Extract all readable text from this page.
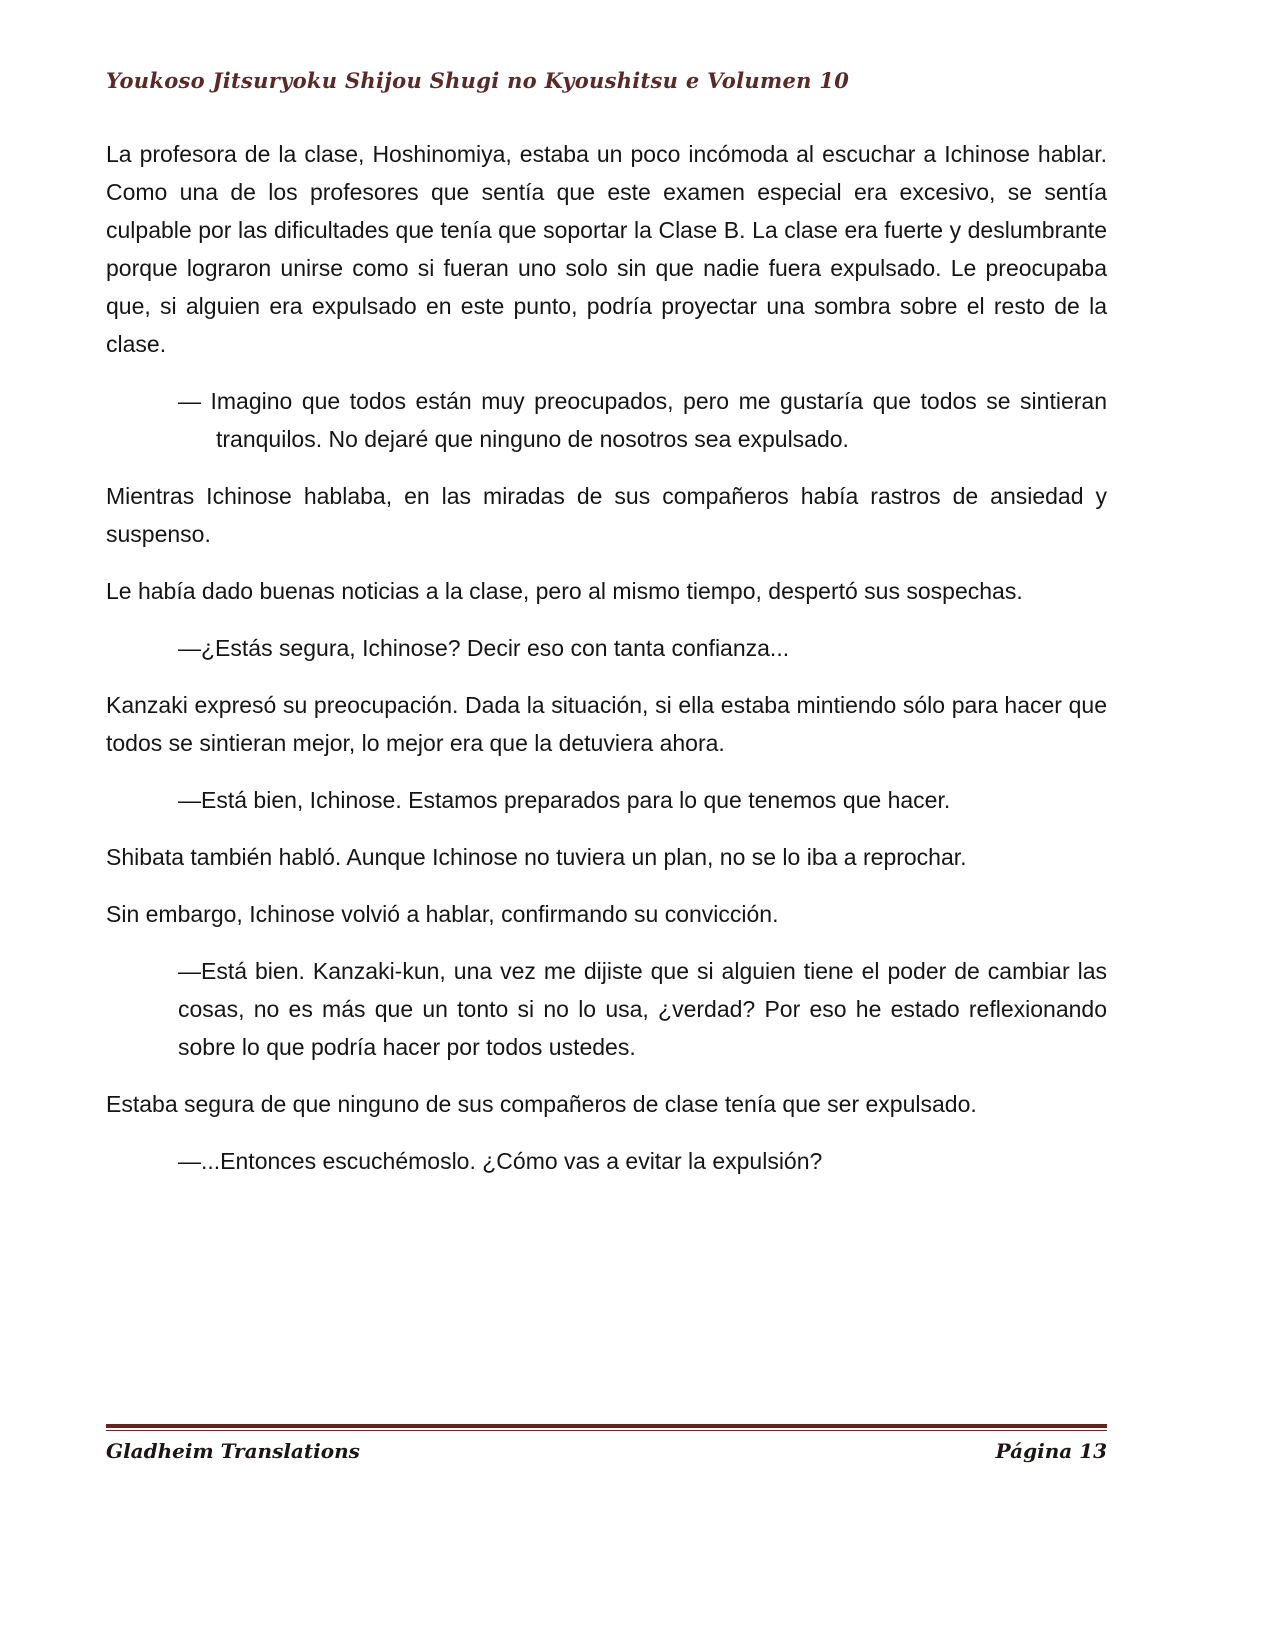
Youkoso Jitsuryoku Shijou Shugi no Kyoushitsu e Volumen 10

La profesora de la clase, Hoshinomiya, estaba un poco incómoda al escuchar a Ichinose hablar. Como una de los profesores que sentía que este examen especial era excesivo, se sentía culpable por las dificultades que tenía que soportar la Clase B. La clase era fuerte y deslumbrante porque lograron unirse como si fueran uno solo sin que nadie fuera expulsado. Le preocupaba que, si alguien era expulsado en este punto, podría proyectar una sombra sobre el resto de la clase.

— Imagino que todos están muy preocupados, pero me gustaría que todos se sintieran tranquilos. No dejaré que ninguno de nosotros sea expulsado.

Mientras Ichinose hablaba, en las miradas de sus compañeros había rastros de ansiedad y suspenso.

Le había dado buenas noticias a la clase, pero al mismo tiempo, despertó sus sospechas.

—¿Estás segura, Ichinose? Decir eso con tanta confianza...

Kanzaki expresó su preocupación. Dada la situación, si ella estaba mintiendo sólo para hacer que todos se sintieran mejor, lo mejor era que la detuviera ahora.

—Está bien, Ichinose. Estamos preparados para lo que tenemos que hacer.

Shibata también habló. Aunque Ichinose no tuviera un plan, no se lo iba a reprochar.

Sin embargo, Ichinose volvió a hablar, confirmando su convicción.

—Está bien. Kanzaki-kun, una vez me dijiste que si alguien tiene el poder de cambiar las cosas, no es más que un tonto si no lo usa, ¿verdad? Por eso he estado reflexionando sobre lo que podría hacer por todos ustedes.

Estaba segura de que ninguno de sus compañeros de clase tenía que ser expulsado.

—...Entonces escuchémoslo. ¿Cómo vas a evitar la expulsión?

Gladheim Translations	Página 13
